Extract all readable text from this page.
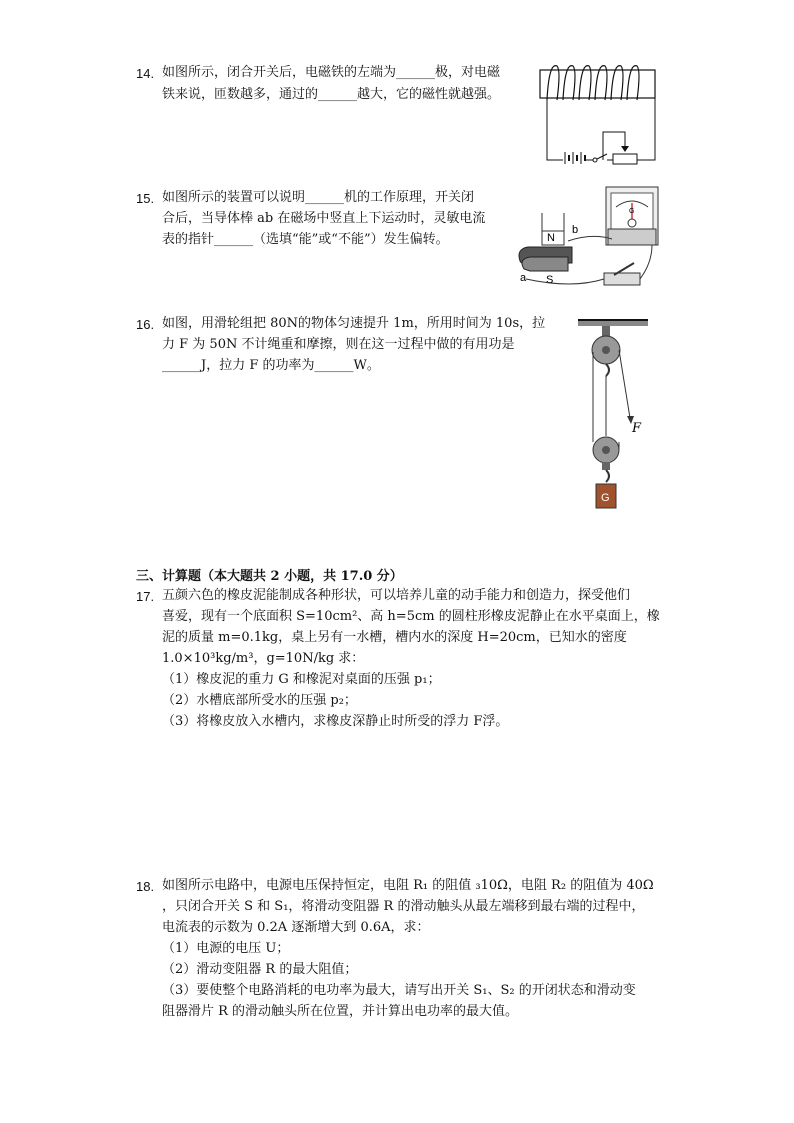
14. 如图所示，闭合开关后，电磁铁的左端为______极，对电磁
铁来说，匝数越多，通过的______越大，它的磁性就越强。
15. 如图所示的装置可以说明______机的工作原理，开关闭
合后，当导体棒 ab 在磁场中竖直上下运动时，灵敏电流
表的指针______（选填“能”或“不能”）发生偏转。
G
N
S
a
b
16. 如图，用滑轮组把 80N的物体匀速提升 1m，所用时间为 10s，拉
力 F 为 50N 不计绳重和摩擦，则在这一过程中做的有用功是
______J，拉力 F 的功率为______W。
F
G
三、计算题（本大题共 2 小题，共 17.0 分）
17. 五颜六色的橡皮泥能制成各种形状，可以培养儿童的动手能力和创造力，探受他们
喜爱，现有一个底面积 S=10cm²、高 h=5cm 的圆柱形橡皮泥静止在水平桌面上，橡
泥的质量 m=0.1kg，桌上另有一水槽，槽内水的深度 H=20cm，已知水的密度
1.0×10³kg/m³，g=10N/kg 求：
（1）橡皮泥的重力 G 和橡泥对桌面的压强 p₁；
（2）水槽底部所受水的压强 p₂；
（3）将橡皮放入水槽内，求橡皮深静止时所受的浮力 F浮。
18. 如图所示电路中，电源电压保持恒定，电阻 R₁ 的阻值 ₃10Ω，电阻 R₂ 的阻值为 40Ω
，只闭合开关 S 和 S₁，将滑动变阻器 R 的滑动触头从最左端移到最右端的过程中，
电流表的示数为 0.2A 逐渐增大到 0.6A，求：
（1）电源的电压 U；
（2）滑动变阻器 R 的最大阻值；
（3）要使整个电路消耗的电功率为最大，请写出开关 S₁、S₂ 的开闭状态和滑动变
阻器滑片 R 的滑动触头所在位置，并计算出电功率的最大值。
